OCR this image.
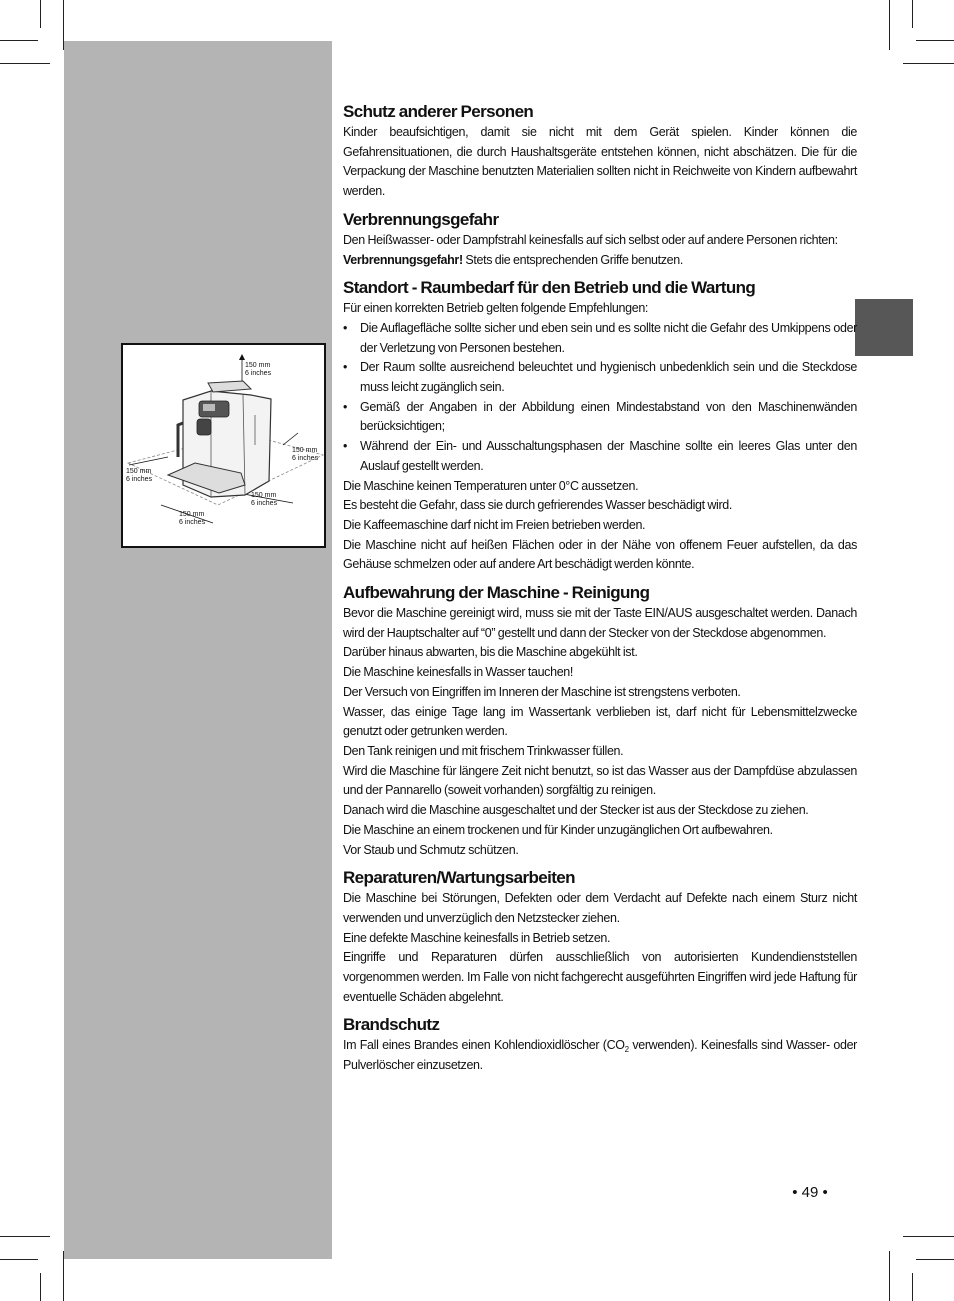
150 mm
6 inches
150 mm
6 inches
150 mm
6 inches
150 mm
6 inches
150 mm
6 inches
Schutz anderer Personen

Kinder beaufsichtigen, damit sie nicht mit dem Gerät spielen. Kinder können die Gefahrensituationen, die durch Haushaltsgeräte entstehen können, nicht abschätzen. Die für die Verpackung der Maschine benutzten Materialien sollten nicht in Reichweite von Kindern aufbewahrt werden.

Verbrennungsgefahr

Den Heißwasser- oder Dampfstrahl keinesfalls auf sich selbst oder auf andere Personen richten:

Verbrennungsgefahr! Stets die entsprechenden Griffe benutzen.

Standort - Raumbedarf für den Betrieb und die Wartung

Für einen korrekten Betrieb gelten folgende Empfehlungen:

• Die Auflagefläche sollte sicher und eben sein und es sollte nicht die Gefahr des Umkippens oder der Verletzung von Personen bestehen.
• Der Raum sollte ausreichend beleuchtet und hygienisch unbedenklich sein und die Steckdose muss leicht zugänglich sein.
• Gemäß der Angaben in der Abbildung einen Mindestabstand von den Maschinenwänden berücksichtigen;
• Während der Ein- und Ausschaltungsphasen der Maschine sollte ein leeres Glas unter den Auslauf gestellt werden.

Die Maschine keinen Temperaturen unter 0°C aussetzen.

Es besteht die Gefahr, dass sie durch gefrierendes Wasser beschädigt wird.

Die Kaffeemaschine darf nicht im Freien betrieben werden.

Die Maschine nicht auf heißen Flächen oder in der Nähe von offenem Feuer aufstellen, da das Gehäuse schmelzen oder auf andere Art beschädigt werden könnte.

Aufbewahrung der Maschine - Reinigung

Bevor die Maschine gereinigt wird, muss sie mit der Taste EIN/AUS ausgeschaltet werden. Danach wird der Hauptschalter auf “0” gestellt und dann der Stecker von der Steckdose abgenommen.

Darüber hinaus abwarten, bis die Maschine abgekühlt ist.

Die Maschine keinesfalls in Wasser tauchen!

Der Versuch von Eingriffen im Inneren der Maschine ist strengstens verboten.

Wasser, das einige Tage lang im Wassertank verblieben ist, darf nicht für Lebensmittelzwecke genutzt oder getrunken werden.

Den Tank reinigen und mit frischem Trinkwasser füllen.

Wird die Maschine für längere Zeit nicht benutzt, so ist das Wasser aus der Dampfdüse abzulassen und der Pannarello (soweit vorhanden) sorgfältig zu reinigen.

Danach wird die Maschine ausgeschaltet und der Stecker ist aus der Steckdose zu ziehen.

Die Maschine an einem trockenen und für Kinder unzugänglichen Ort aufbewahren.

Vor Staub und Schmutz schützen.

Reparaturen/Wartungsarbeiten

Die Maschine bei Störungen, Defekten oder dem Verdacht auf Defekte nach einem Sturz nicht verwenden und unverzüglich den Netzstecker ziehen.

Eine defekte Maschine keinesfalls in Betrieb setzen.

Eingriffe und Reparaturen dürfen ausschließlich von autorisierten Kundendienststellen vorgenommen werden. Im Falle von nicht fachgerecht ausgeführten Eingriffen wird jede Haftung für eventuelle Schäden abgelehnt.

Brandschutz

Im Fall eines Brandes einen Kohlendioxidlöscher ($CO_2$ verwenden). Keinesfalls sind Wasser- oder Pulverlöscher einzusetzen.

• 49 •
